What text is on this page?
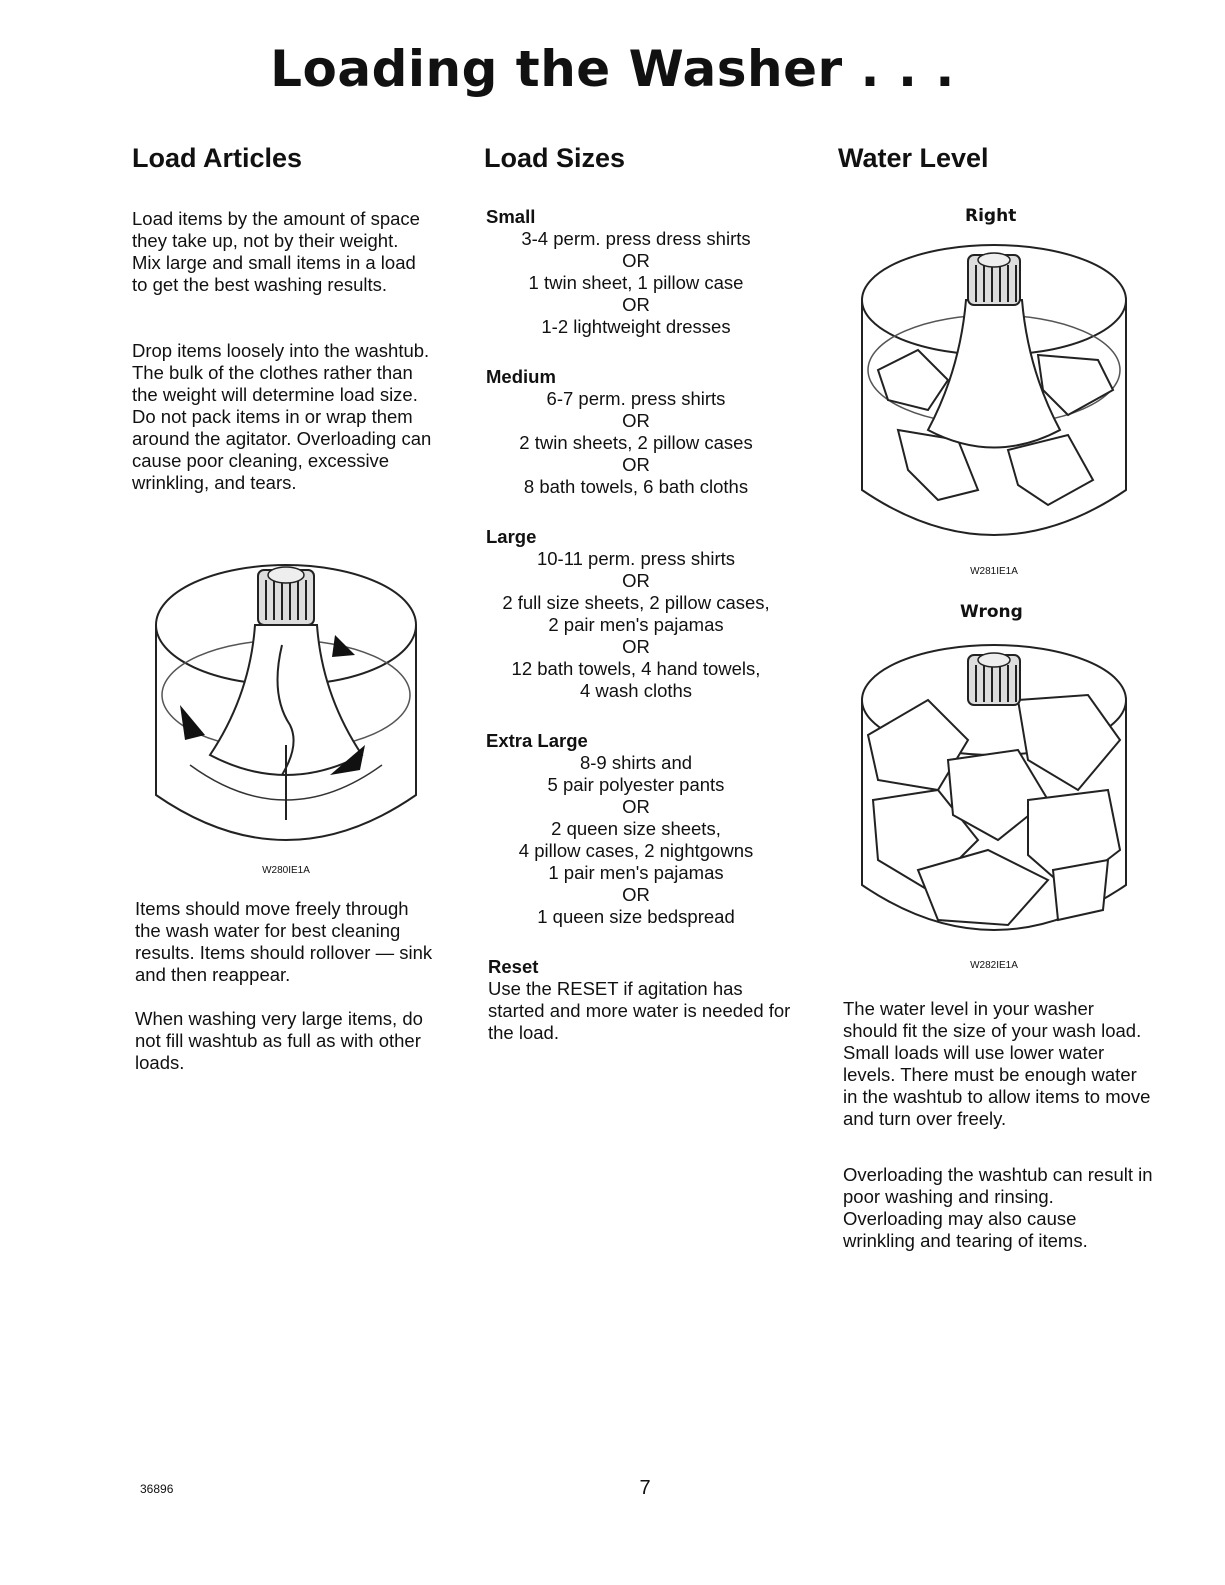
Loading the Washer . . .
Load Articles

Load items by the amount of space they take up, not by their weight. Mix large and small items in a load to get the best washing results.

Drop items loosely into the washtub. The bulk of the clothes rather than the weight will determine load size. Do not pack items in or wrap them around the agitator. Overloading can cause poor cleaning, excessive wrinkling, and tears.

W280IE1A

Items should move freely through the wash water for best cleaning results. Items should rollover — sink and then reappear.

When washing very large items, do not fill washtub as full as with other loads.

Load Sizes
Small
3-4 perm. press dress shirts
OR
1 twin sheet, 1 pillow case
OR
1-2 lightweight dresses
Medium
6-7 perm. press shirts
OR
2 twin sheets, 2 pillow cases
OR
8 bath towels, 6 bath cloths
Large
10-11 perm. press shirts
OR
2 full size sheets, 2 pillow cases,
2 pair men's pajamas
OR
12 bath towels, 4 hand towels,
4 wash cloths
Extra Large
8-9 shirts and
5 pair polyester pants
OR
2 queen size sheets,
4 pillow cases, 2 nightgowns
1 pair men's pajamas
OR
1 queen size bedspread
Reset
Use the RESET if agitation has started and more water is needed for the load.
Water Level
Right
W281IE1A
Wrong
W282IE1A

The water level in your washer should fit the size of your wash load. Small loads will use lower water levels. There must be enough water in the washtub to allow items to move and turn over freely.

Overloading the washtub can result in poor washing and rinsing. Overloading may also cause wrinkling and tearing of items.

36896	7
